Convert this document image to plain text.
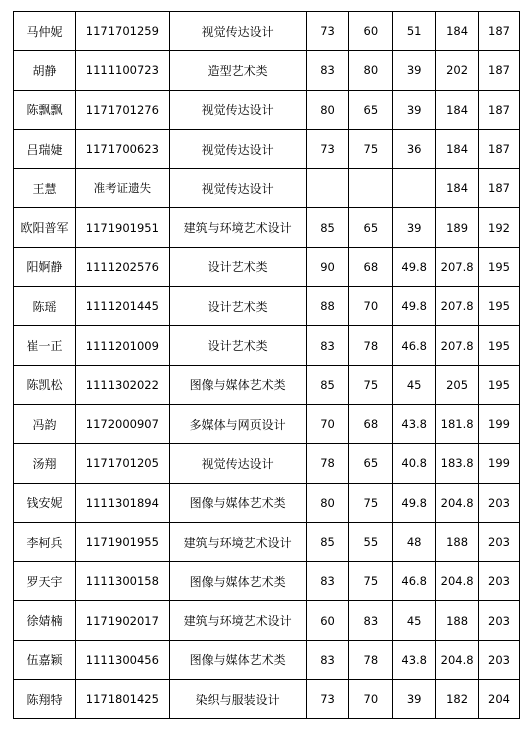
马仲妮	1171701259	视觉传达设计	73	60	51	184	187
胡静	1111100723	造型艺术类	83	80	39	202	187
陈飘飘	1171701276	视觉传达设计	80	65	39	184	187
吕瑞婕	1171700623	视觉传达设计	73	75	36	184	187
王慧	准考证遗失	视觉传达设计				184	187
欧阳普军	1171901951	建筑与环境艺术设计	85	65	39	189	192
阳婀静	1111202576	设计艺术类	90	68	49.8	207.8	195
陈瑶	1111201445	设计艺术类	88	70	49.8	207.8	195
崔一正	1111201009	设计艺术类	83	78	46.8	207.8	195
陈凯松	1111302022	图像与媒体艺术类	85	75	45	205	195
冯韵	1172000907	多媒体与网页设计	70	68	43.8	181.8	199
汤翔	1171701205	视觉传达设计	78	65	40.8	183.8	199
钱安妮	1111301894	图像与媒体艺术类	80	75	49.8	204.8	203
李柯兵	1171901955	建筑与环境艺术设计	85	55	48	188	203
罗天宇	1111300158	图像与媒体艺术类	83	75	46.8	204.8	203
徐婧楠	1171902017	建筑与环境艺术设计	60	83	45	188	203
伍嘉颖	1111300456	图像与媒体艺术类	83	78	43.8	204.8	203
陈翔特	1171801425	染织与服装设计	73	70	39	182	204
